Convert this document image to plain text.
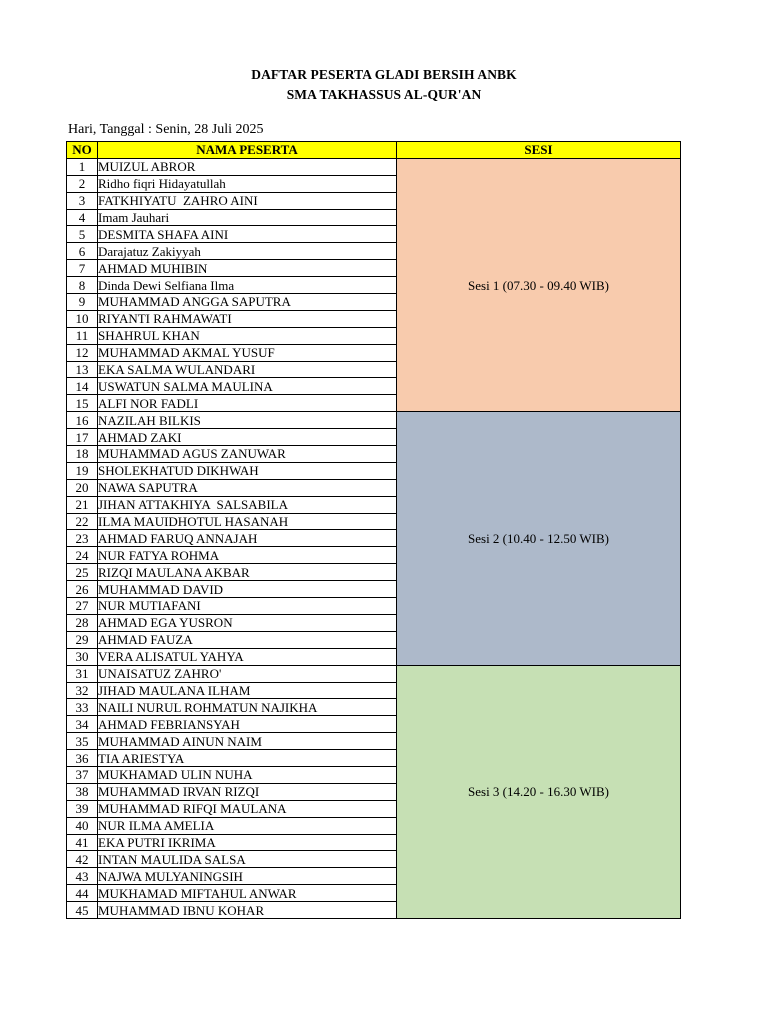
DAFTAR PESERTA GLADI BERSIH ANBK
SMA TAKHASSUS AL-QUR'AN
Hari, Tanggal : Senin, 28 Juli 2025
NO	NAMA PESERTA	SESI
1	MUIZUL ABROR	Sesi 1 (07.30 - 09.40 WIB)
2	Ridho fiqri Hidayatullah	
3	FATKHIYATU  ZAHRO AINI	
4	Imam Jauhari	
5	DESMITA SHAFA AINI	
6	Darajatuz Zakiyyah	
7	AHMAD MUHIBIN	
8	Dinda Dewi Selfiana Ilma	
9	MUHAMMAD ANGGA SAPUTRA	
10	RIYANTI RAHMAWATI	
11	SHAHRUL KHAN	
12	MUHAMMAD AKMAL YUSUF	
13	EKA SALMA WULANDARI	
14	USWATUN SALMA MAULINA	
15	ALFI NOR FADLI	
16	NAZILAH BILKIS	Sesi 2 (10.40 - 12.50 WIB)
17	AHMAD ZAKI	
18	MUHAMMAD AGUS ZANUWAR	
19	SHOLEKHATUD DIKHWAH	
20	NAWA SAPUTRA	
21	JIHAN ATTAKHIYA  SALSABILA	
22	ILMA MAUIDHOTUL HASANAH	
23	AHMAD FARUQ ANNAJAH	
24	NUR FATYA ROHMA	
25	RIZQI MAULANA AKBAR	
26	MUHAMMAD DAVID	
27	NUR MUTIAFANI	
28	AHMAD EGA YUSRON	
29	AHMAD FAUZA	
30	VERA ALISATUL YAHYA	
31	UNAISATUZ ZAHRO'	Sesi 3 (14.20 - 16.30 WIB)
32	JIHAD MAULANA ILHAM	
33	NAILI NURUL ROHMATUN NAJIKHA	
34	AHMAD FEBRIANSYAH	
35	MUHAMMAD AINUN NAIM	
36	TIA ARIESTYA	
37	MUKHAMAD ULIN NUHA	
38	MUHAMMAD IRVAN RIZQI	
39	MUHAMMAD RIFQI MAULANA	
40	NUR ILMA AMELIA	
41	EKA PUTRI IKRIMA	
42	INTAN MAULIDA SALSA	
43	NAJWA MULYANINGSIH	
44	MUKHAMAD MIFTAHUL ANWAR	
45	MUHAMMAD IBNU KOHAR	
